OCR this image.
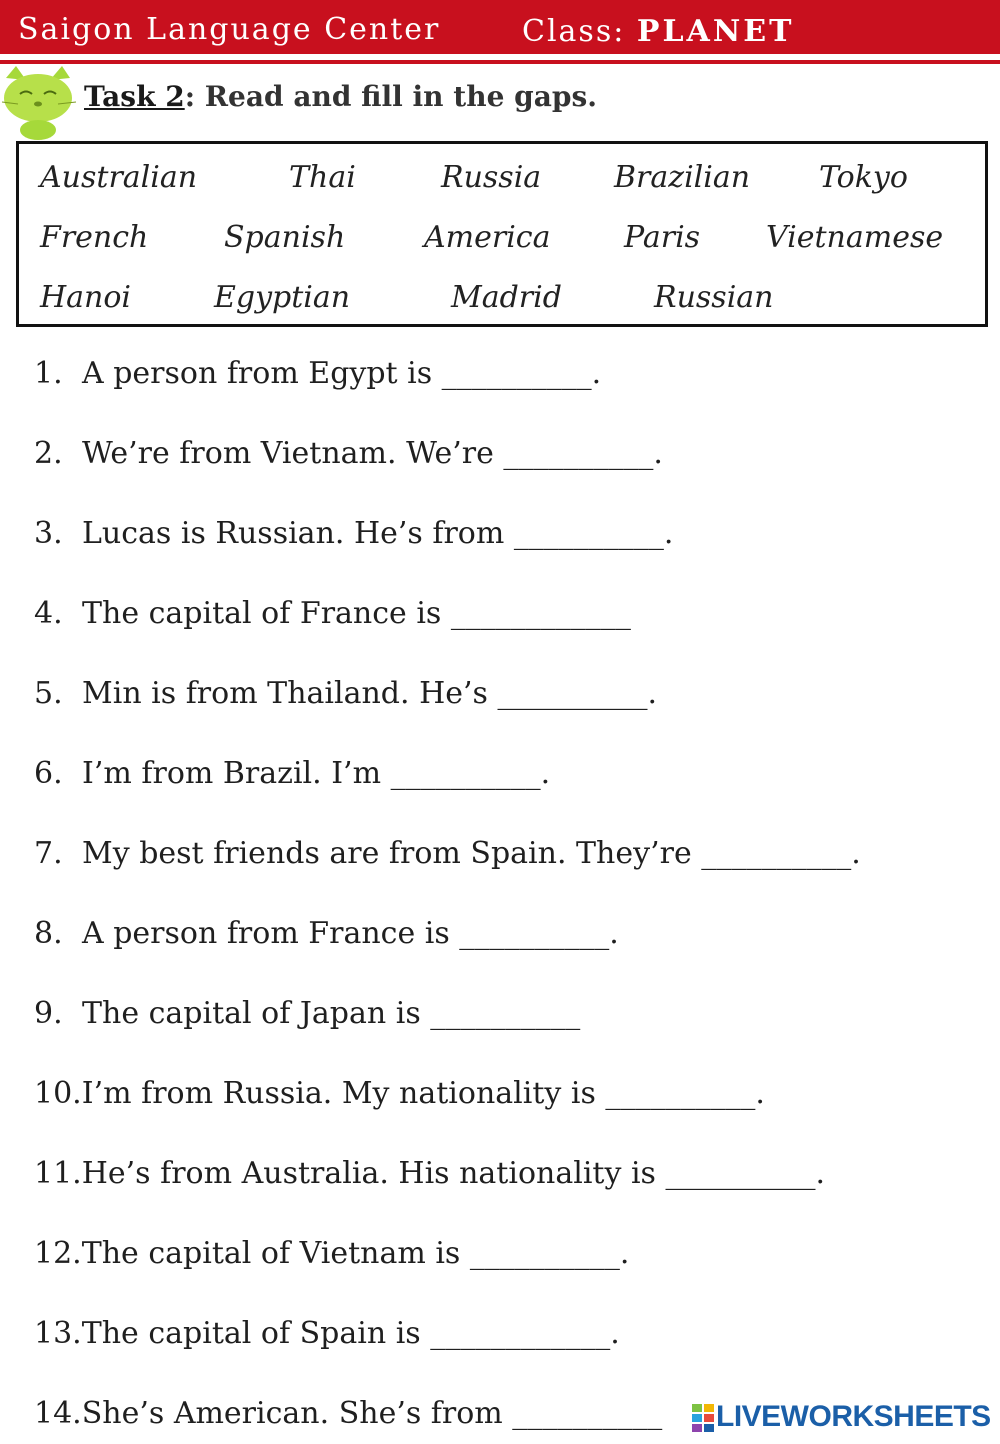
Saigon Language Center	Class: PLANET
Task 2: Read and fill in the gaps.
Australian	Thai	Russia Brazilian Tokyo
French	Spanish	America Paris Vietnamese
Hanoi	Egyptian	Madrid	Russian
1. A person from Egypt is __________.
2. We’re from Vietnam. We’re __________.
3. Lucas is Russian. He’s from __________.
4. The capital of France is ____________
5. Min is from Thailand. He’s __________.
6. I’m from Brazil. I’m __________.
7. My best friends are from Spain. They’re __________.
8. A person from France is __________.
9. The capital of Japan is __________
10.I’m from Russia. My nationality is __________.
11.He’s from Australia. His nationality is __________.
12.The capital of Vietnam is __________.
13.The capital of Spain is ____________.
14.She’s American. She’s from __________	LIVEWORKSHEETS
